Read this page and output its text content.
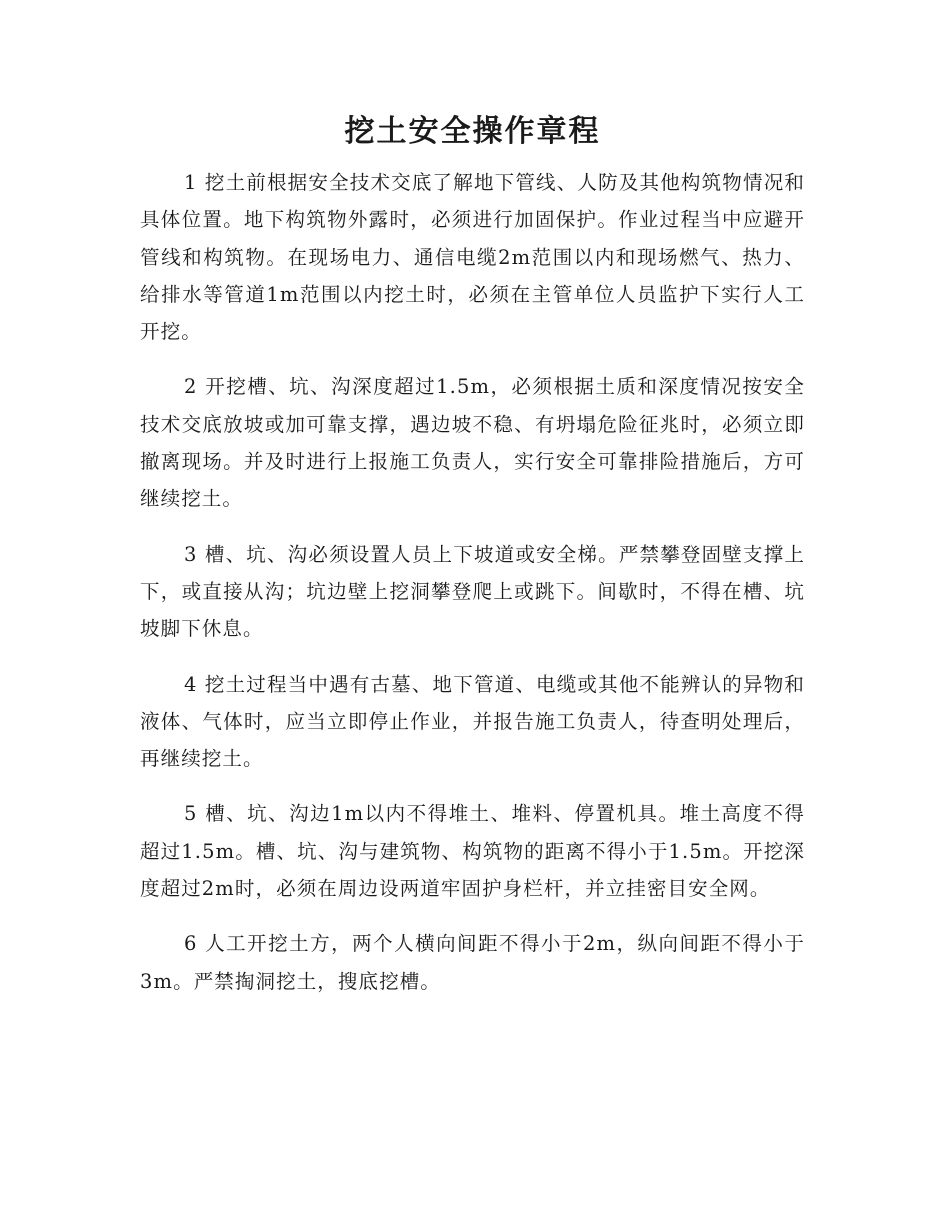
挖土安全操作章程

1 挖土前根据安全技术交底了解地下管线、人防及其他构筑物情况和具体位置。地下构筑物外露时，必须进行加固保护。作业过程当中应避开管线和构筑物。在现场电力、通信电缆2m范围以内和现场燃气、热力、给排水等管道1m范围以内挖土时，必须在主管单位人员监护下实行人工开挖。

2 开挖槽、坑、沟深度超过1.5m，必须根据土质和深度情况按安全技术交底放坡或加可靠支撑，遇边坡不稳、有坍塌危险征兆时，必须立即撤离现场。并及时进行上报施工负责人，实行安全可靠排险措施后，方可继续挖土。

3 槽、坑、沟必须设置人员上下坡道或安全梯。严禁攀登固壁支撑上下，或直接从沟；坑边壁上挖洞攀登爬上或跳下。间歇时，不得在槽、坑坡脚下休息。

4 挖土过程当中遇有古墓、地下管道、电缆或其他不能辨认的异物和液体、气体时，应当立即停止作业，并报告施工负责人，待查明处理后，再继续挖土。

5 槽、坑、沟边1m以内不得堆土、堆料、停置机具。堆土高度不得超过1.5m。槽、坑、沟与建筑物、构筑物的距离不得小于1.5m。开挖深度超过2m时，必须在周边设两道牢固护身栏杆，并立挂密目安全网。

6 人工开挖土方，两个人横向间距不得小于2m，纵向间距不得小于3m。严禁掏洞挖土，搜底挖槽。
